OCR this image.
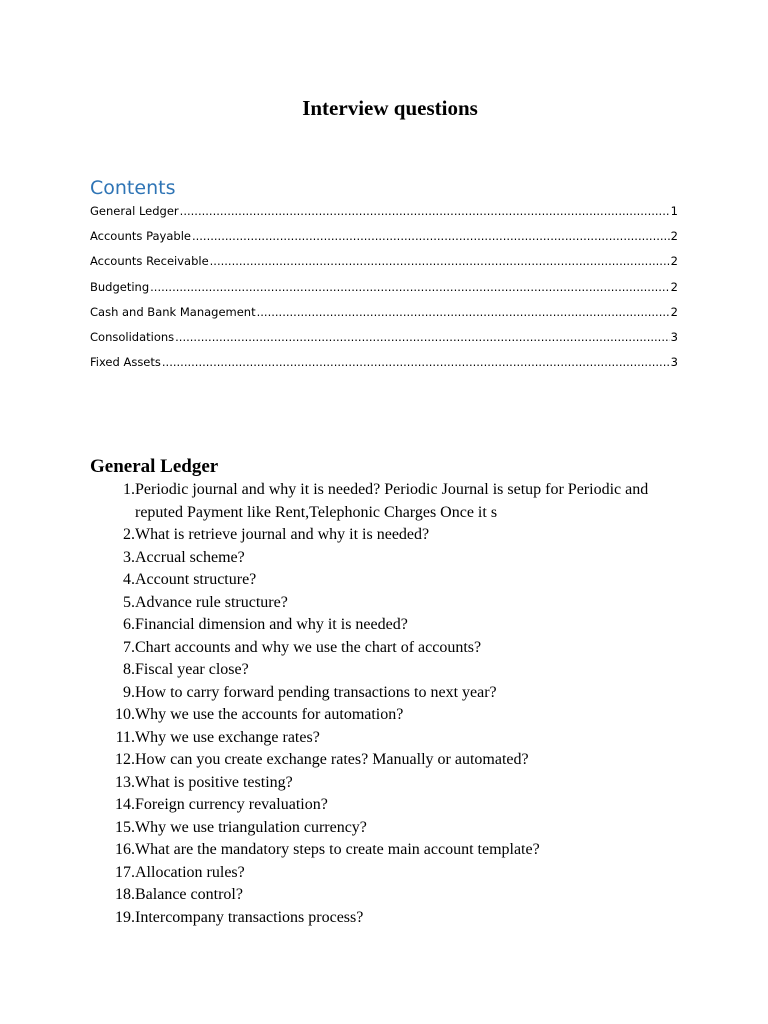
Interview questions
Contents
General Ledger .....	1
Accounts Payable .....	2
Accounts Receivable .....	2
Budgeting .....	2
Cash and Bank Management .....	2
Consolidations .....	3
Fixed Assets .....	3
General Ledger
1. Periodic journal and why it is needed? Periodic Journal is setup for Periodic and reputed Payment like Rent,Telephonic Charges Once it s
2. What is retrieve journal and why it is needed?
3. Accrual scheme?
4. Account structure?
5. Advance rule structure?
6. Financial dimension and why it is needed?
7. Chart accounts and why we use the chart of accounts?
8. Fiscal year close?
9. How to carry forward pending transactions to next year?
10. Why we use the accounts for automation?
11. Why we use exchange rates?
12. How can you create exchange rates? Manually or automated?
13. What is positive testing?
14. Foreign currency revaluation?
15. Why we use triangulation currency?
16. What are the mandatory steps to create main account template?
17. Allocation rules?
18. Balance control?
19. Intercompany transactions process?
